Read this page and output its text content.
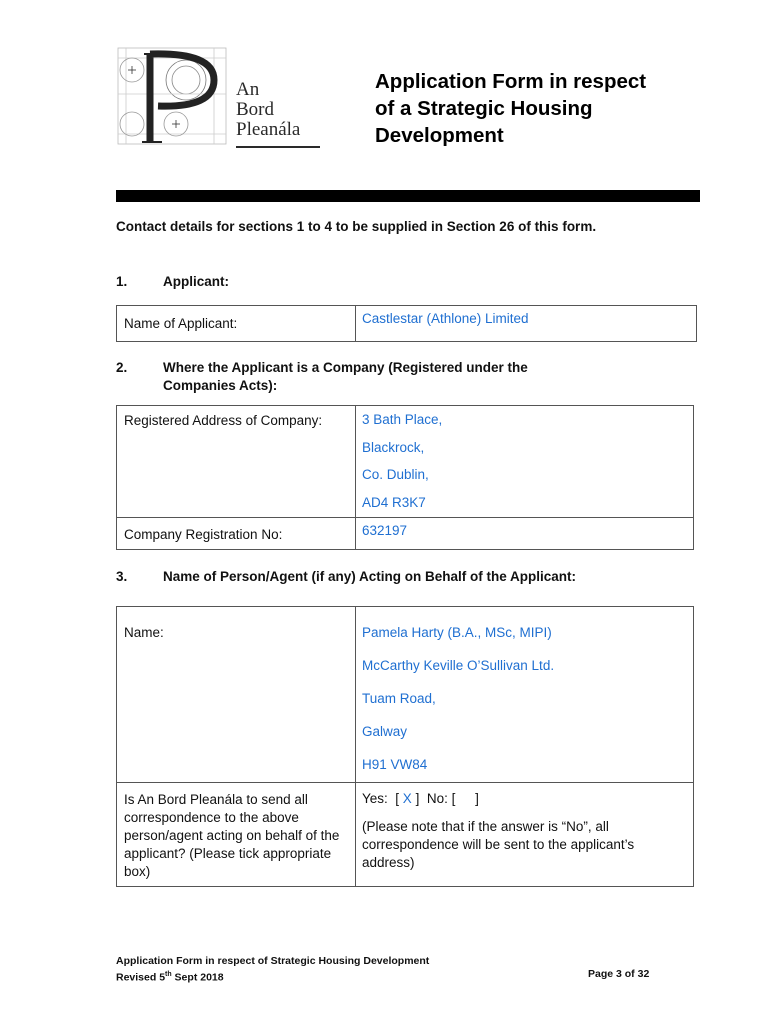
An
Bord
Pleanála
Application Form in respect
of a Strategic Housing
Development
Contact details for sections 1 to 4 to be supplied in Section 26 of this form.
1.	Applicant:
Name of Applicant:	Castlestar (Athlone) Limited
2.	Where the Applicant is a Company (Registered under the
Companies Acts):
Registered Address of Company:	3 Bath Place,
Blackrock,
Co. Dublin,
AD4 R3K7

Company Registration No:	632197
3.	Name of Person/Agent (if any) Acting on Behalf of the Applicant:
Name:	Pamela Harty (B.A., MSc, MIPI)
McCarthy Keville O’Sullivan Ltd.
Tuam Road,
Galway
H91 VW84

Is An Bord Pleanála to send all correspondence to the above person/agent acting on behalf of the applicant? (Please tick appropriate box)	Yes:  [ X ]  No: [ ]
(Please note that if the answer is “No”, all correspondence will be sent to the applicant’s address)
Application Form in respect of Strategic Housing Development
Revised 5th Sept 2018	Page 3 of 32
